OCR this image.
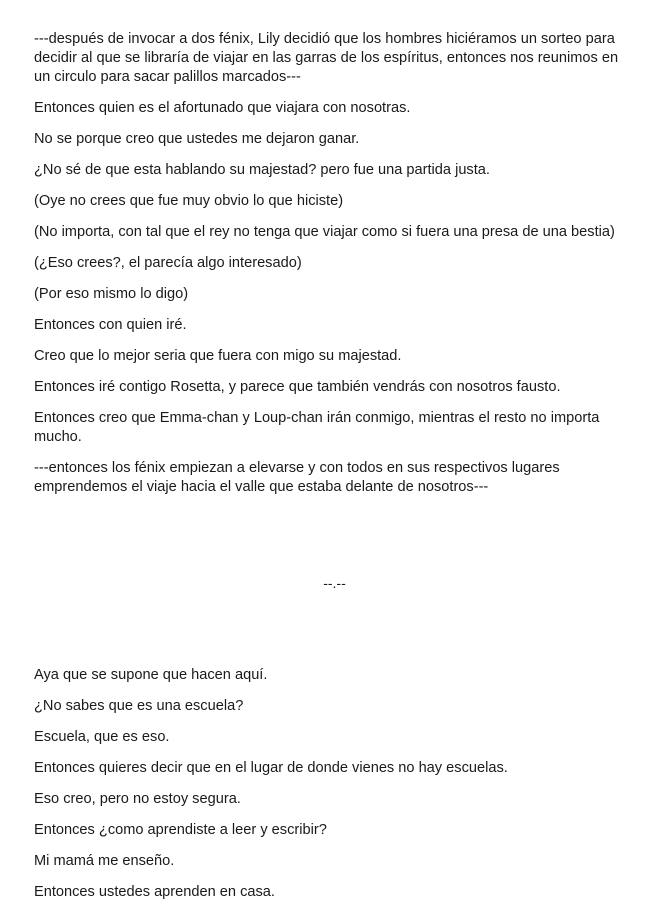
---después de invocar a dos fénix, Lily decidió que los hombres hiciéramos un sorteo para decidir al que se libraría de viajar en las garras de los espíritus, entonces nos reunimos en un circulo para sacar palillos marcados---

Entonces quien es el afortunado que viajara con nosotras.

No se porque creo que ustedes me dejaron ganar.

¿No sé de que esta hablando su majestad? pero fue una partida justa.

(Oye no crees que fue muy obvio lo que hiciste)

(No importa, con tal que el rey no tenga que viajar como si fuera una presa de una bestia)

(¿Eso crees?, el parecía algo interesado)

(Por eso mismo lo digo)

Entonces con quien iré.

Creo que lo mejor seria que fuera con migo su majestad.

Entonces iré contigo Rosetta, y parece que también vendrás con nosotros fausto.

Entonces creo que Emma-chan y Loup-chan irán conmigo, mientras el resto no importa mucho.

---entonces los fénix empiezan a elevarse y con todos en sus respectivos lugares emprendemos el viaje hacia el valle que estaba delante de nosotros---

--.--

Aya que se supone que hacen aquí.

¿No sabes que es una escuela?

Escuela, que es eso.

Entonces quieres decir que en el lugar de donde vienes no hay escuelas.

Eso creo, pero no estoy segura.

Entonces ¿como aprendiste a leer y escribir?

Mi mamá me enseño.

Entonces ustedes aprenden en casa.
